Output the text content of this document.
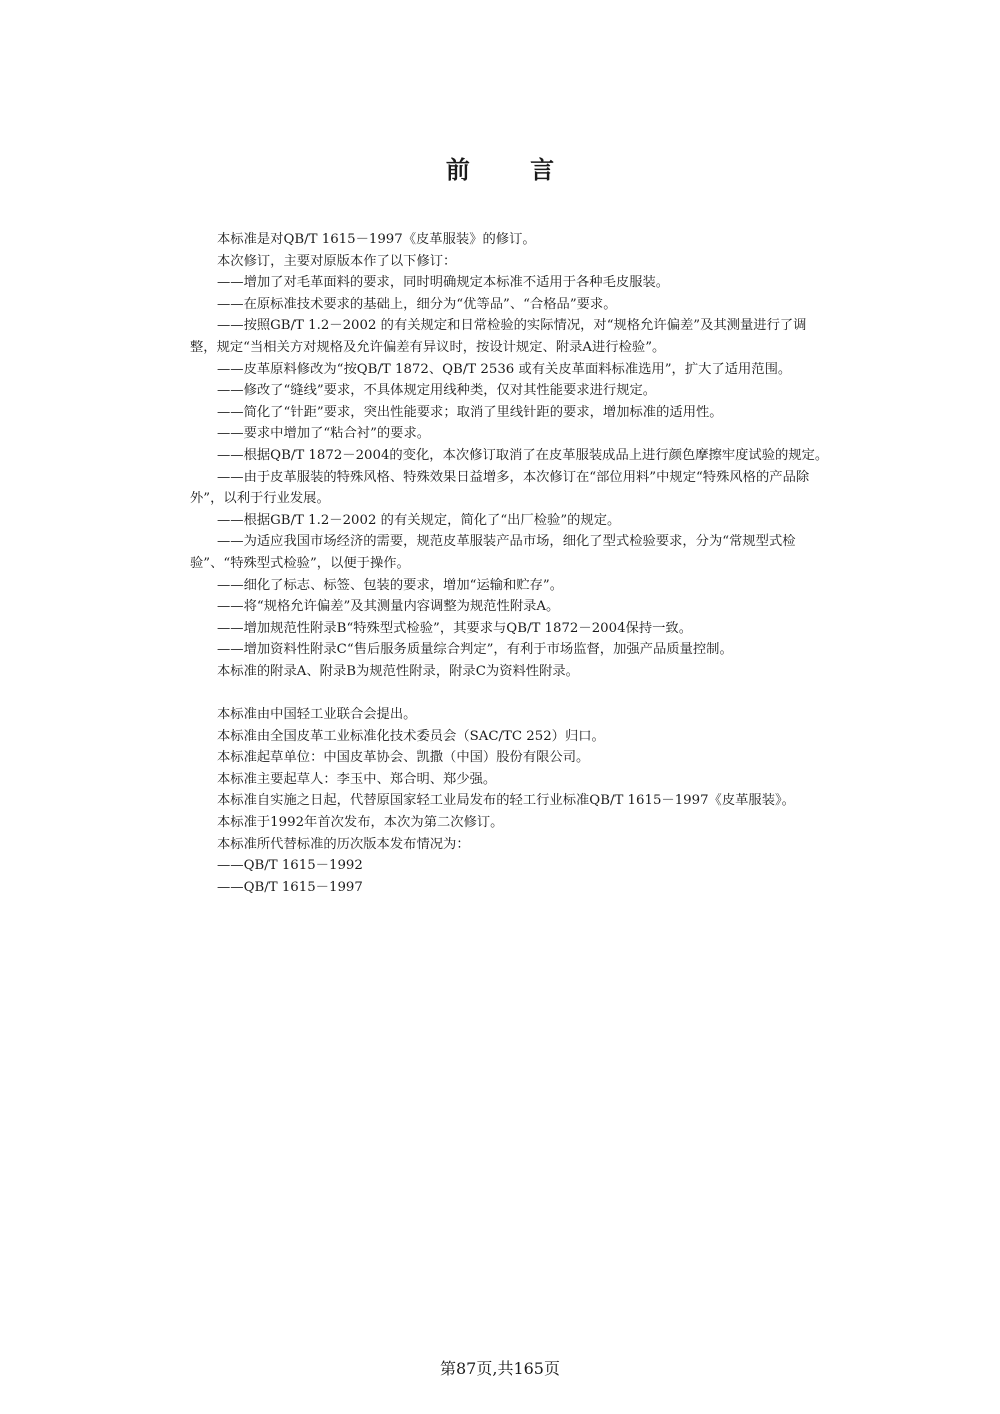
前 言

本标准是对QB/T 1615－1997《皮革服装》的修订。

本次修订，主要对原版本作了以下修订：

——增加了对毛革面料的要求，同时明确规定本标准不适用于各种毛皮服装。

——在原标准技术要求的基础上，细分为“优等品”、“合格品”要求。

——按照GB/T 1.2－2002 的有关规定和日常检验的实际情况，对“规格允许偏差”及其测量进行了调整，规定“当相关方对规格及允许偏差有异议时，按设计规定、附录A进行检验”。

——皮革原料修改为“按QB/T 1872、QB/T 2536 或有关皮革面料标准选用”，扩大了适用范围。

——修改了“缝线”要求，不具体规定用线种类，仅对其性能要求进行规定。

——简化了“针距”要求，突出性能要求；取消了里线针距的要求，增加标准的适用性。

——要求中增加了“粘合衬”的要求。

——根据QB/T 1872－2004的变化，本次修订取消了在皮革服装成品上进行颜色摩擦牢度试验的规定。

——由于皮革服装的特殊风格、特殊效果日益增多，本次修订在“部位用料”中规定“特殊风格的产品除外”，以利于行业发展。

——根据GB/T 1.2－2002 的有关规定，简化了“出厂检验”的规定。

——为适应我国市场经济的需要，规范皮革服装产品市场，细化了型式检验要求，分为“常规型式检验”、“特殊型式检验”，以便于操作。

——细化了标志、标签、包装的要求，增加“运输和贮存”。

——将“规格允许偏差”及其测量内容调整为规范性附录A。

——增加规范性附录B“特殊型式检验”，其要求与QB/T 1872－2004保持一致。

——增加资料性附录C“售后服务质量综合判定”，有利于市场监督，加强产品质量控制。

本标准的附录A、附录B为规范性附录，附录C为资料性附录。

本标准由中国轻工业联合会提出。

本标准由全国皮革工业标准化技术委员会（SAC/TC 252）归口。

本标准起草单位：中国皮革协会、凯撒（中国）股份有限公司。

本标准主要起草人：李玉中、郑合明、郑少强。

本标准自实施之日起，代替原国家轻工业局发布的轻工行业标准QB/T 1615－1997《皮革服装》。

本标准于1992年首次发布，本次为第二次修订。

本标准所代替标准的历次版本发布情况为：

——QB/T 1615－1992

——QB/T 1615－1997

第87页,共165页
